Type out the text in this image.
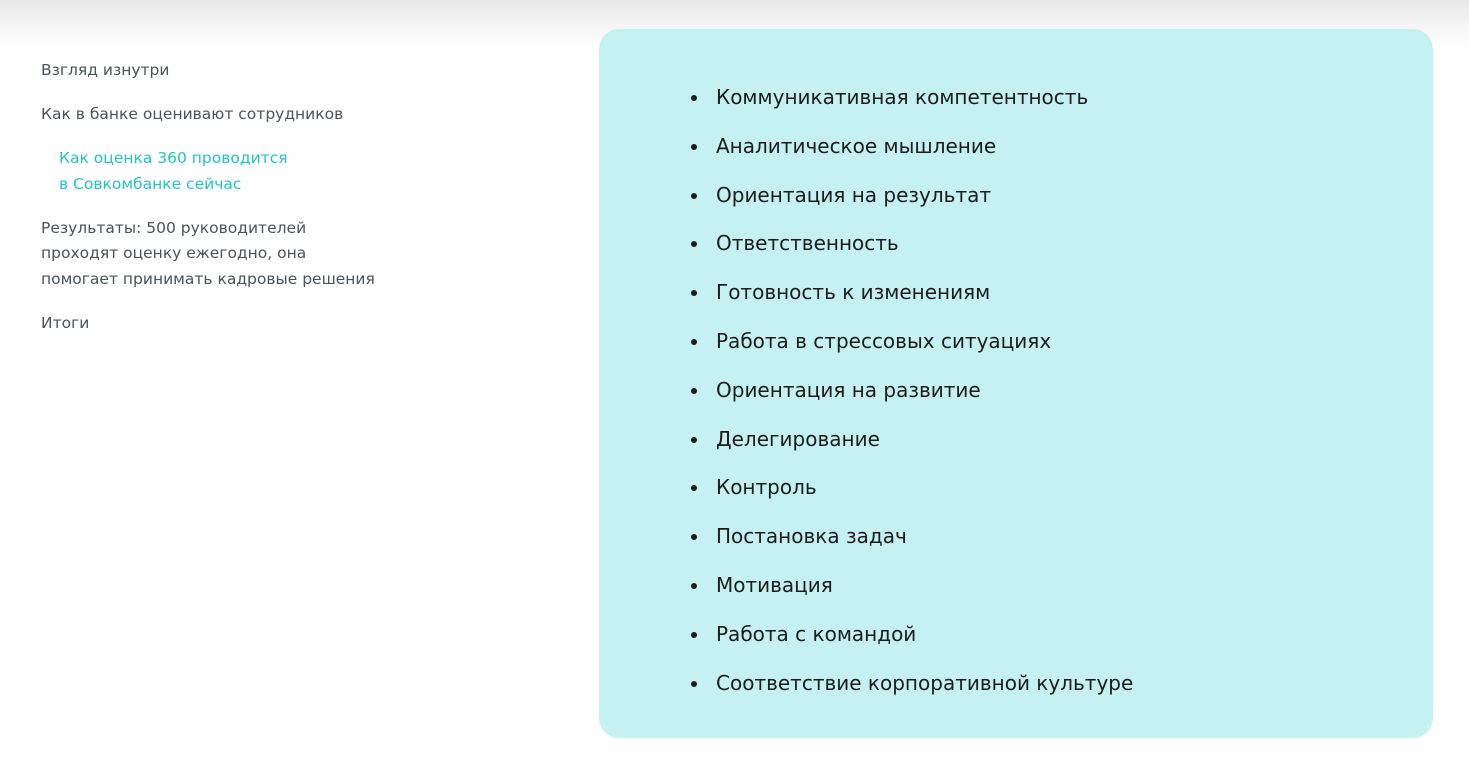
Взгляд изнутри
Как в банке оценивают сотрудников
Как оценка 360 проводится в Совкомбанке сейчас
Результаты: 500 руководителей проходят оценку ежегодно, она помогает принимать кадровые решения
Итоги
Коммуникативная компетентность
Аналитическое мышление
Ориентация на результат
Ответственность
Готовность к изменениям
Работа в стрессовых ситуациях
Ориентация на развитие
Делегирование
Контроль
Постановка задач
Мотивация
Работа с командой
Соответствие корпоративной культуре
